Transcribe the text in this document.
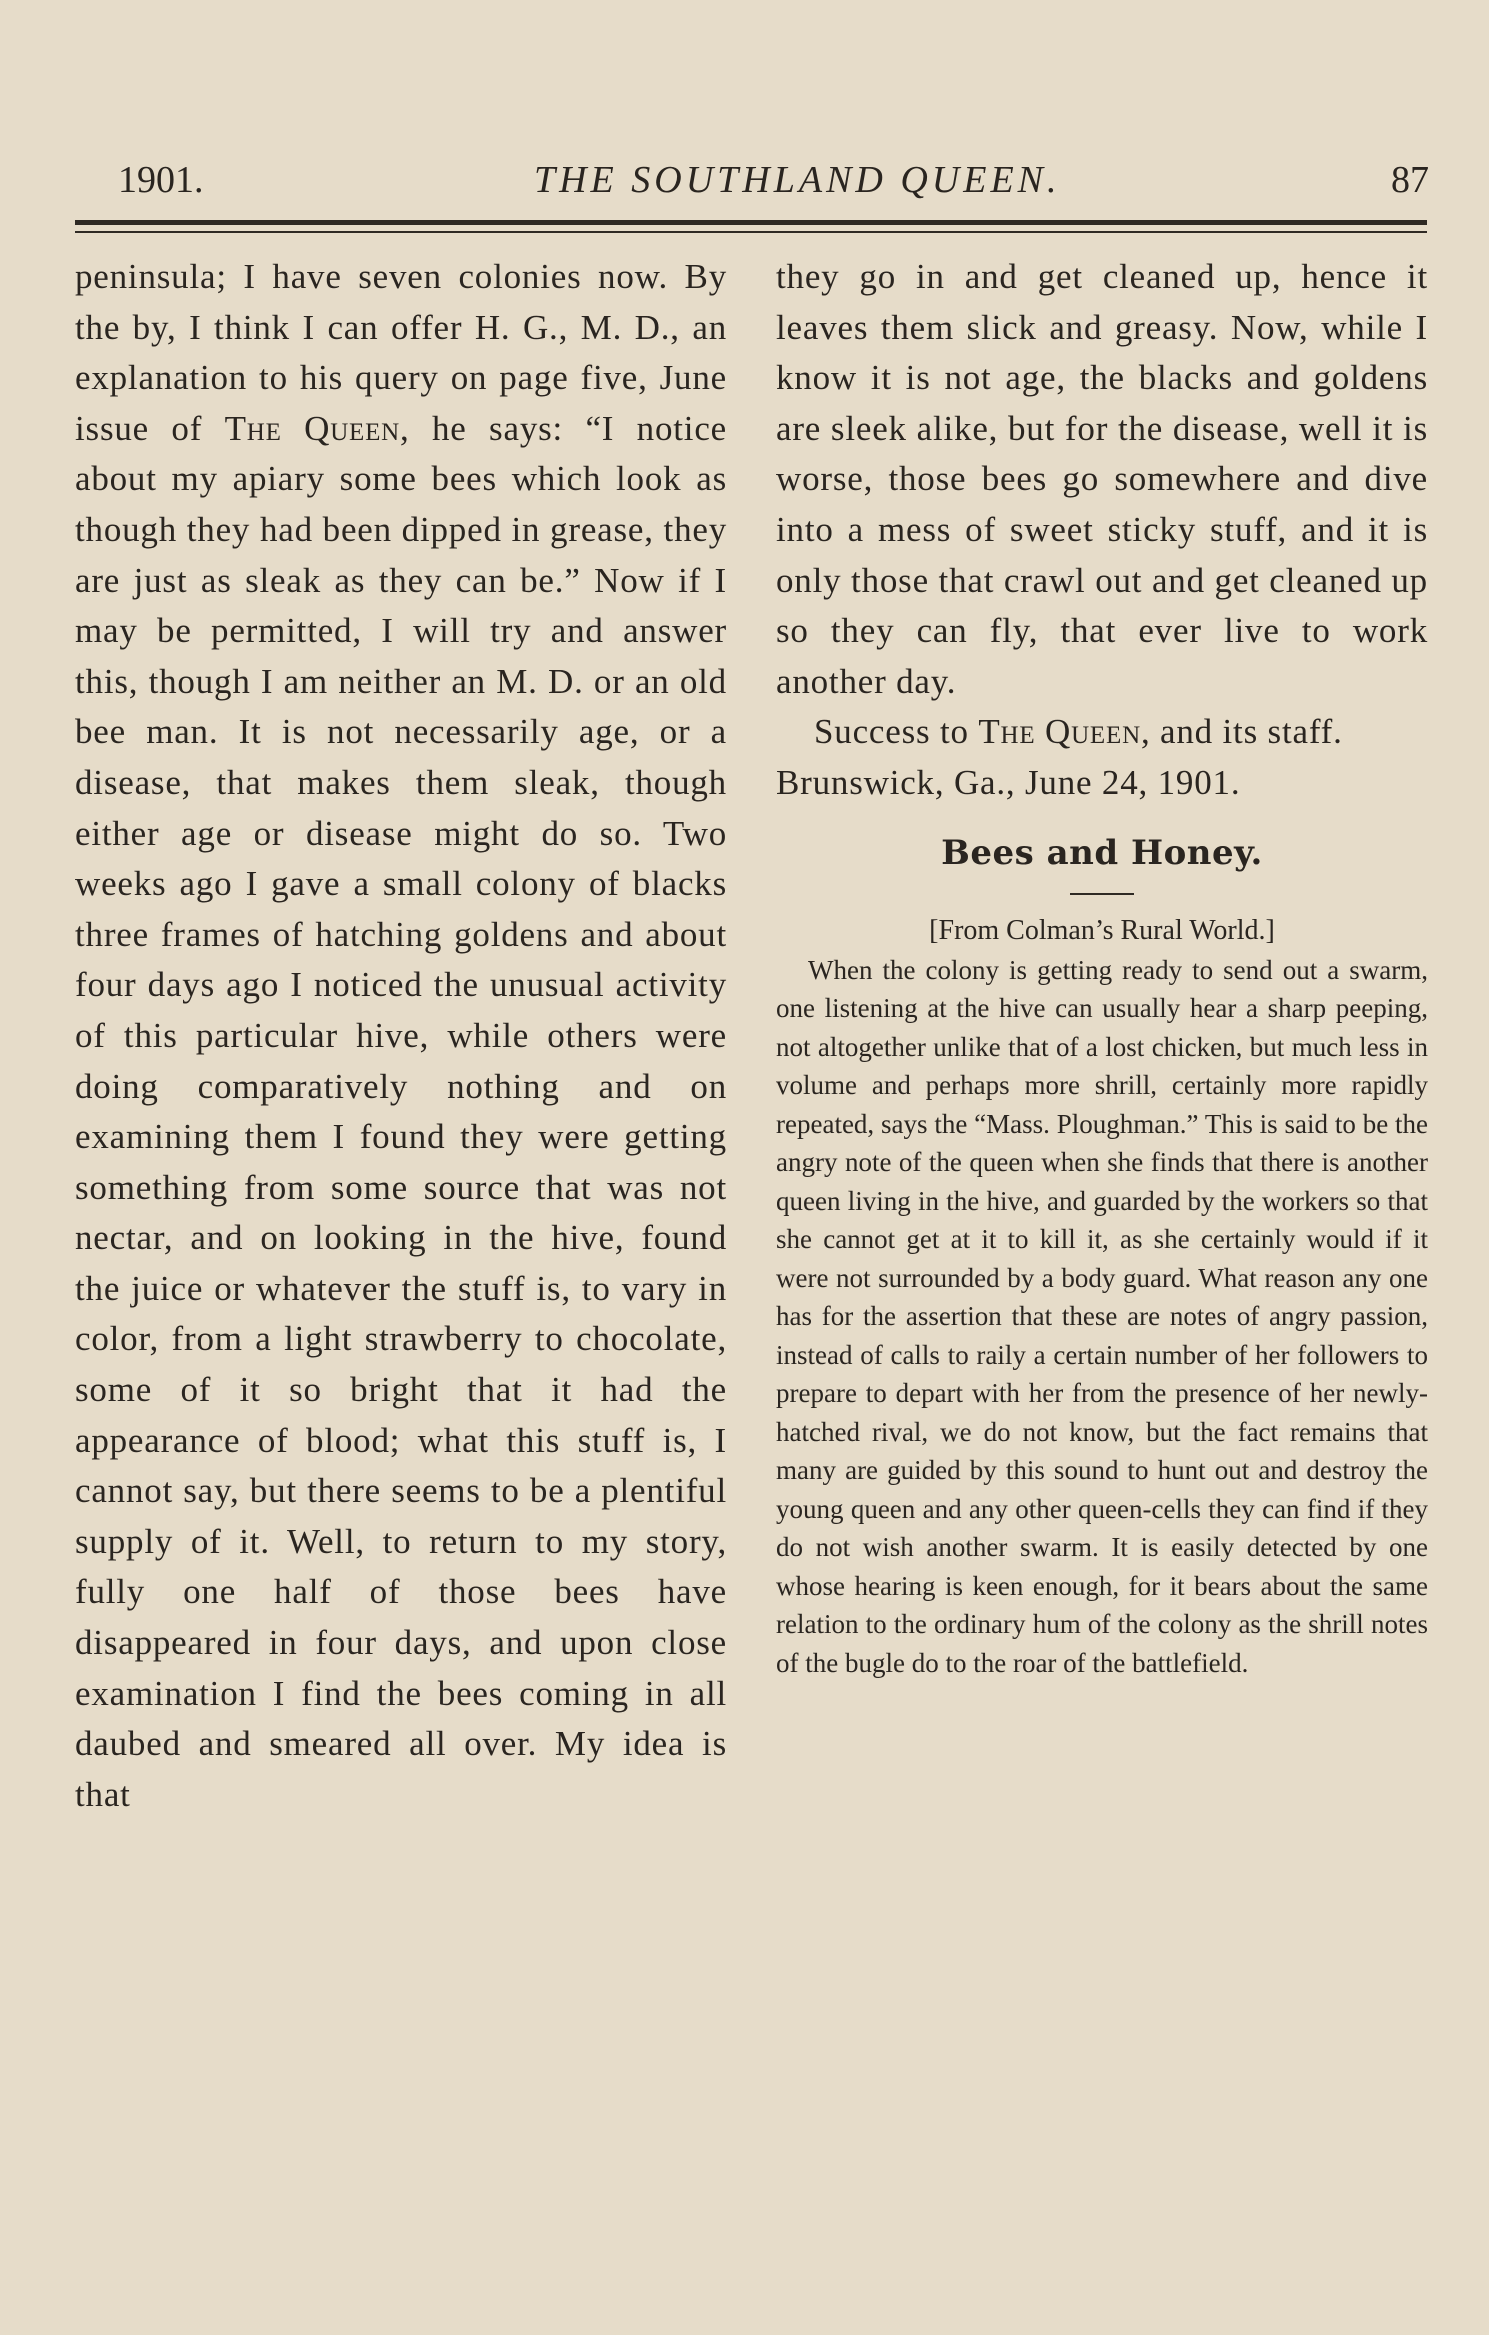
1901.	THE SOUTHLAND QUEEN.	87

peninsula; I have seven colonies now. By the by, I think I can offer H. G., M. D., an explanation to his query on page five, June issue of The Queen, he says: “I notice about my apiary some bees which look as though they had been dipped in grease, they are just as sleak as they can be.” Now if I may be permitted, I will try and answer this, though I am neither an M. D. or an old bee man. It is not necessarily age, or a disease, that makes them sleak, though either age or disease might do so. Two weeks ago I gave a small colony of blacks three frames of hatching goldens and about four days ago I noticed the unusual activity of this particular hive, while others were doing comparatively nothing and on examining them I found they were getting something from some source that was not nectar, and on looking in the hive, found the juice or whatever the stuff is, to vary in color, from a light strawberry to chocolate, some of it so bright that it had the appearance of blood; what this stuff is, I cannot say, but there seems to be a plentiful supply of it. Well, to return to my story, fully one half of those bees have disappeared in four days, and upon close examination I find the bees coming in all daubed and smeared all over. My idea is that

they go in and get cleaned up, hence it leaves them slick and greasy. Now, while I know it is not age, the blacks and goldens are sleek alike, but for the disease, well it is worse, those bees go somewhere and dive into a mess of sweet sticky stuff, and it is only those that crawl out and get cleaned up so they can fly, that ever live to work another day.

Success to The Queen, and its staff.

Brunswick, Ga., June 24, 1901.

Bees and Honey.

[From Colman’s Rural World.]

When the colony is getting ready to send out a swarm, one listening at the hive can usually hear a sharp peeping, not altogether unlike that of a lost chicken, but much less in volume and perhaps more shrill, certainly more rapidly repeated, says the “Mass. Ploughman.” This is said to be the angry note of the queen when she finds that there is another queen living in the hive, and guarded by the workers so that she cannot get at it to kill it, as she certainly would if it were not surrounded by a body guard. What reason any one has for the assertion that these are notes of angry passion, instead of calls to raily a certain number of her followers to prepare to depart with her from the presence of her newly-hatched rival, we do not know, but the fact remains that many are guided by this sound to hunt out and destroy the young queen and any other queen-cells they can find if they do not wish another swarm. It is easily detected by one whose hearing is keen enough, for it bears about the same relation to the ordinary hum of the colony as the shrill notes of the bugle do to the roar of the battlefield.
